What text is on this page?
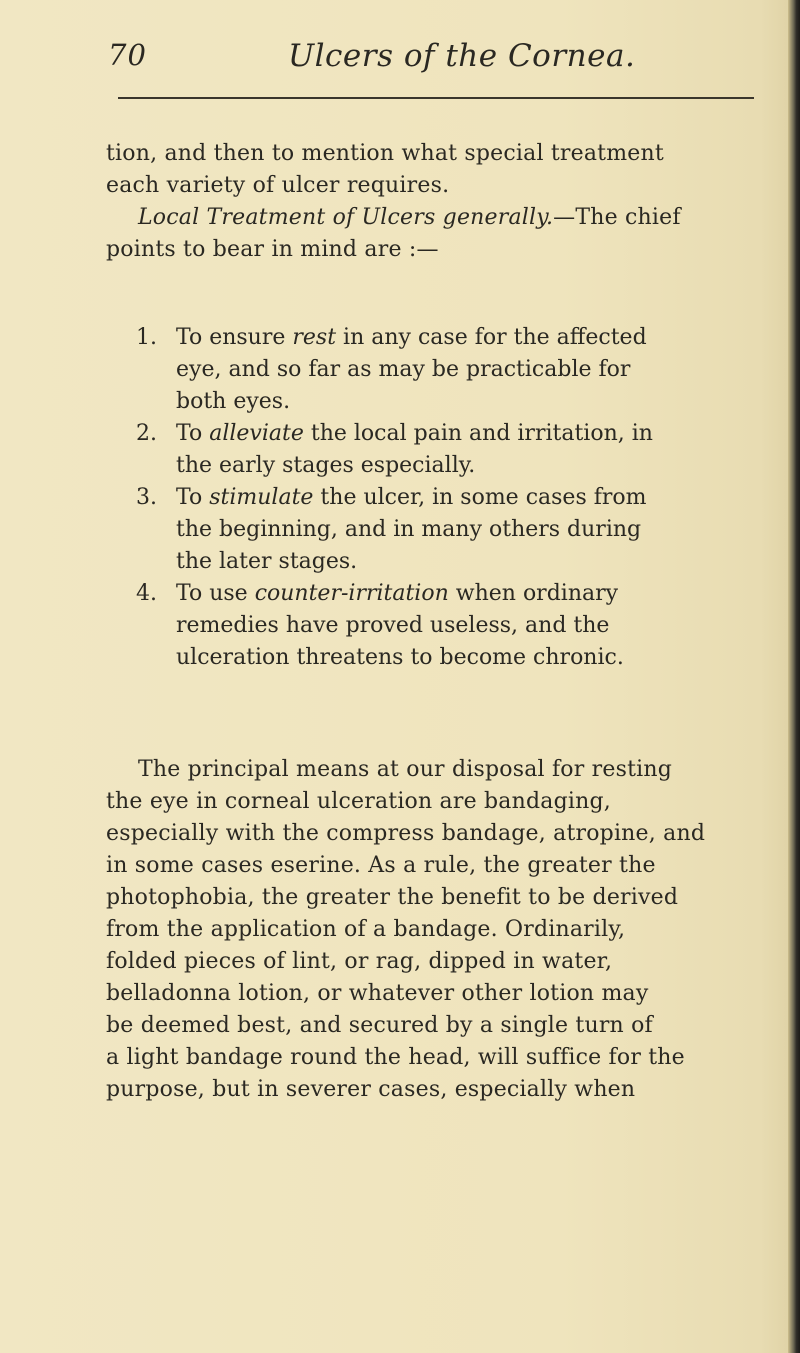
70	Ulcers of the Cornea.
tion, and then to mention what special treatment
each variety of ulcer requires.
Local Treatment of Ulcers generally.—The chief
points to bear in mind are :—
1. To ensure rest in any case for the affected
eye, and so far as may be practicable for
both eyes.
2. To alleviate the local pain and irritation, in
the early stages especially.
3. To stimulate the ulcer, in some cases from
the beginning, and in many others during
the later stages.
4. To use counter-irritation when ordinary
remedies have proved useless, and the
ulceration threatens to become chronic.
The principal means at our disposal for resting
the eye in corneal ulceration are bandaging,
especially with the compress bandage, atropine, and
in some cases eserine. As a rule, the greater the
photophobia, the greater the benefit to be derived
from the application of a bandage. Ordinarily,
folded pieces of lint, or rag, dipped in water,
belladonna lotion, or whatever other lotion may
be deemed best, and secured by a single turn of
a light bandage round the head, will suffice for the
purpose, but in severer cases, especially when
